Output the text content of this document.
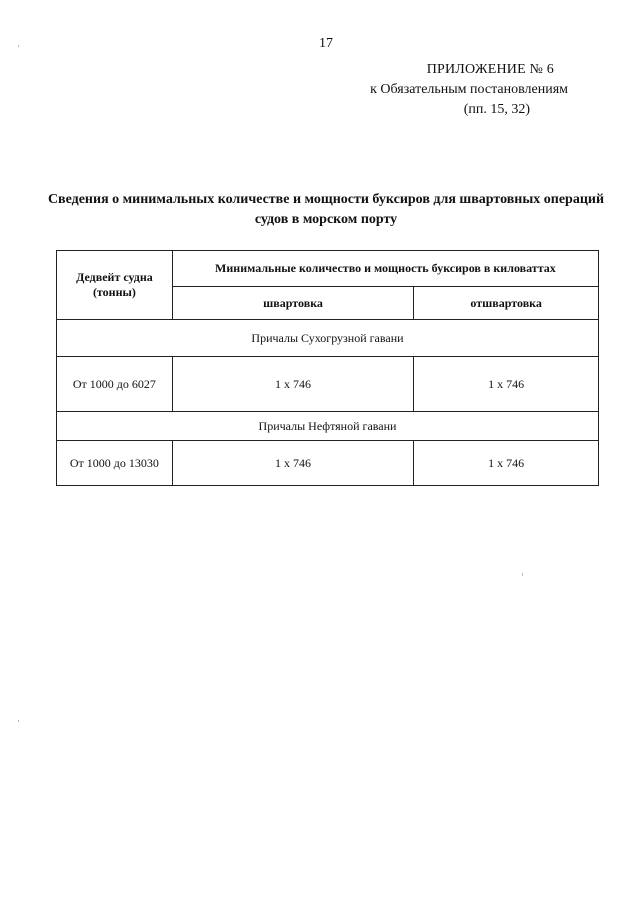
17
ПРИЛОЖЕНИЕ № 6
к Обязательным постановлениям
(пп. 15, 32)
Сведения о минимальных количестве и мощности буксиров для швартовных операций судов в морском порту
Дедвейт судна (тонны)	Минимальные количество и мощность буксиров в киловаттах	
	швартовка	отшвартовка
Причалы Сухогрузной гавани		
От 1000 до 6027	1 х 746	1 х 746
Причалы Нефтяной гавани		
От 1000 до 13030	1 х 746	1 х 746
